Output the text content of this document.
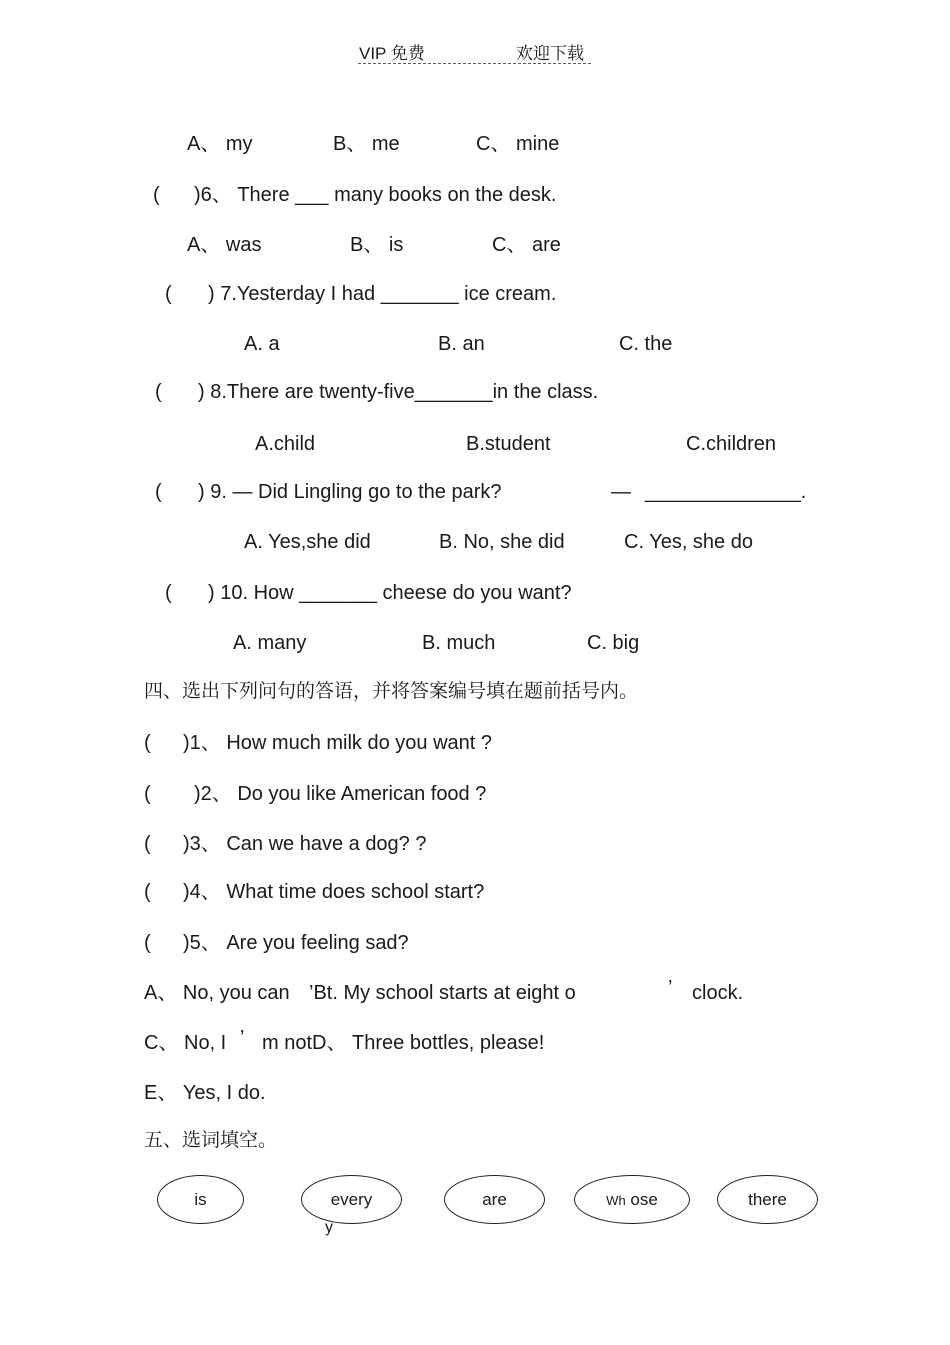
VIP 免费	欢迎下载
A、 my	B、 me	C、 mine
( )6、 There ___ many books on the desk.
A、 was	B、 is	C、 are
( ) 7.Yesterday I had _______ ice cream.
A. a	B. an	C. the
( ) 8.There are twenty-five_______in the class.
A.child	B.student	C.children
( ) 9. — Did Lingling go to the park?	— ______________.
A. Yes,she did	B. No, she did	C. Yes, she do
( ) 10. How _______ cheese do you want?
A. many	B. much	C. big
四、选出下列问句的答语，并将答案编号填在题前括号内。
( )1、 How much milk do you want ?
( )2、 Do you like American food ?
( )3、 Can we have a dog? ?
( )4、 What time does school start?
( )5、 Are you feeling sad?
A、 No, you can ’Bt. My school starts at eight o	’ clock.
C、 No, I ’ m notD、 Three bottles, please!
E、 Yes, I do.
五、选词填空。
is	every
y
are	Wh ose	there
